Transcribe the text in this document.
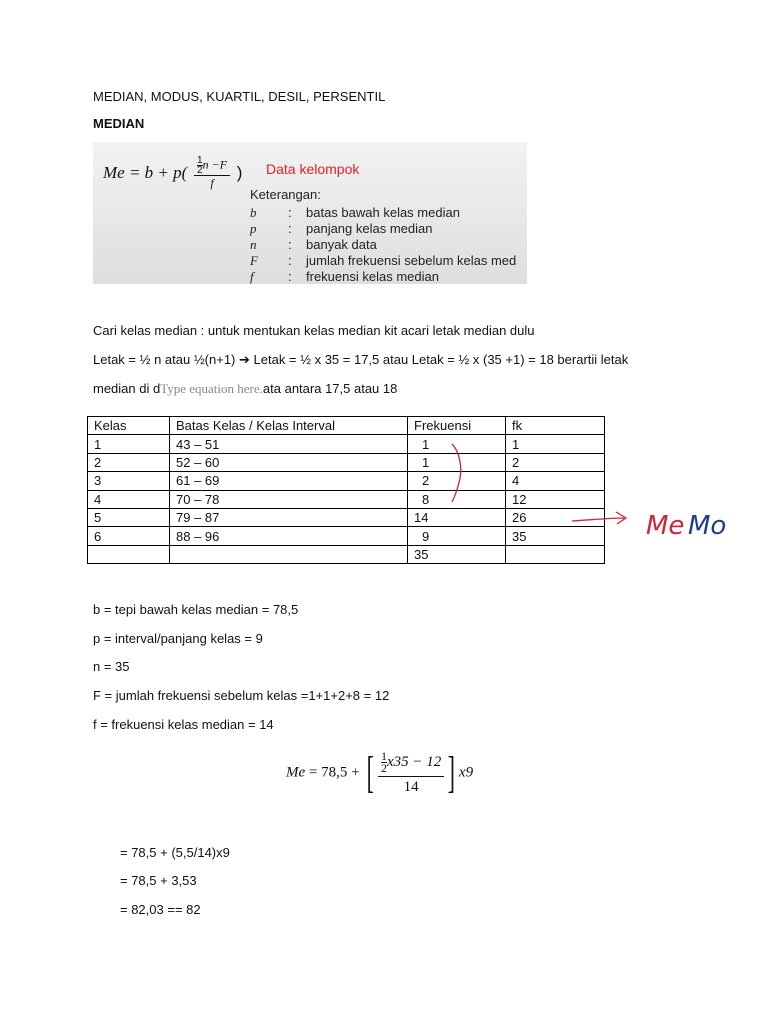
MEDIAN, MODUS, KUARTIL, DESIL, PERSENTIL
MEDIAN
$Me = b + p( \frac{\frac{1}{2} n -F}{f}$ ) Data kelompok
Keterangan:
b : batas bawah kelas median
p : panjang kelas median
n : banyak data
F : jumlah frekuensi sebelum kelas med
f	: frekuensi kelas median
Cari kelas median : untuk mentukan kelas median kit acari letak median dulu
Letak = ½ n atau ½(n+1) ➔ Letak = ½ x 35 = 17,5 atau Letak = ½ x (35 +1) = 18 berartii letak
median di dType equation here.ata antara 17,5 atau 18
Kelas	Batas Kelas / Kelas Interval	Frekuensi	fk
1	43 – 51	1	1
2	52 – 60	1	2
3	61 – 69	2	4
4	70 – 78	8	12
5	79 – 87	14	26
6	88 – 96	9	35
		35	
Me Mo
b = tepi bawah kelas median = 78,5
p = interval/panjang kelas = 9
n = 35
F = jumlah frekuensi sebelum kelas =1+1+2+8 = 12
f = frekuensi kelas median = 14
Me = 78,5 + [ $\frac{\frac{1}{2} x35 - 12}{14}$ ] x9
= 78,5 + (5,5/14)x9
= 78,5 + 3,53
= 82,03 == 82
